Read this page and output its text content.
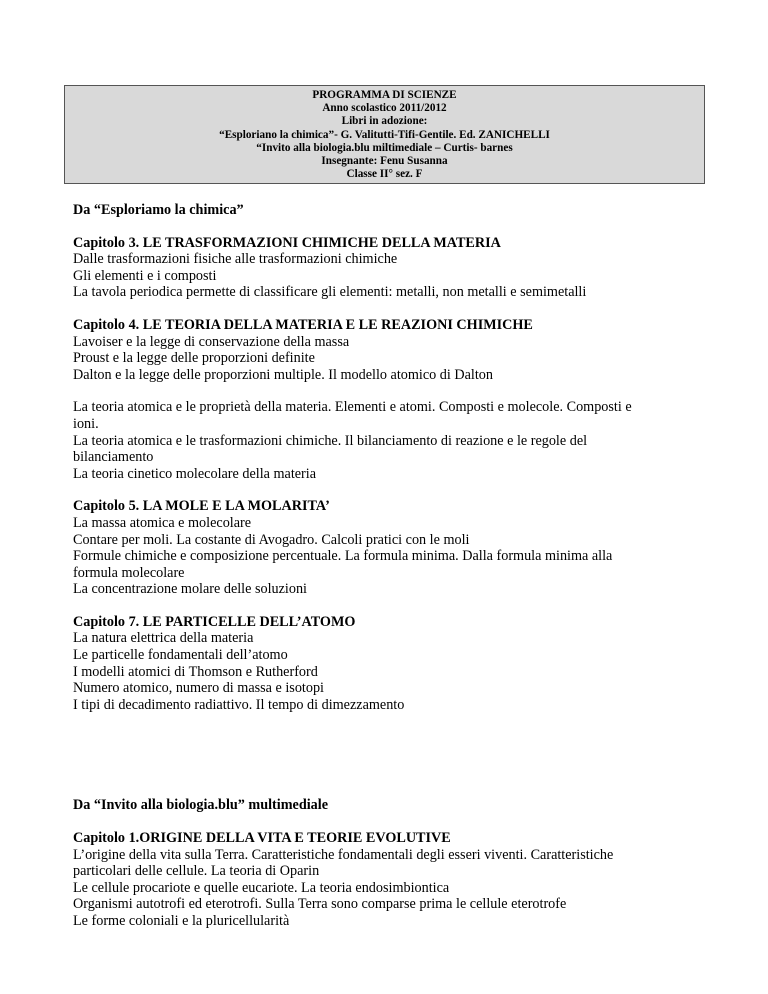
PROGRAMMA DI SCIENZE
Anno scolastico 2011/2012
Libri in adozione:
“Esploriano la chimica”- G. Valitutti-Tifi-Gentile. Ed. ZANICHELLI
“Invito alla biologia.blu miltimediale – Curtis- barnes
Insegnante: Fenu Susanna
Classe II° sez. F

Da “Esploriamo la chimica”

Capitolo 3. LE TRASFORMAZIONI CHIMICHE DELLA MATERIA

Dalle trasformazioni fisiche alle trasformazioni chimiche

Gli elementi e i composti

La tavola periodica permette di classificare gli elementi: metalli, non metalli e semimetalli

Capitolo 4. LE TEORIA DELLA MATERIA E LE REAZIONI CHIMICHE

Lavoiser e la legge di conservazione della massa

Proust e la legge delle proporzioni definite

Dalton e la legge delle proporzioni multiple. Il modello atomico di Dalton

La teoria atomica e le proprietà della materia. Elementi e atomi. Composti e molecole. Composti e

ioni.

La teoria atomica e le trasformazioni chimiche. Il bilanciamento di reazione e le regole del

bilanciamento

La teoria cinetico molecolare della materia

Capitolo 5. LA MOLE E LA MOLARITA’

La massa atomica e molecolare

Contare per moli. La costante di Avogadro. Calcoli pratici con le moli

Formule chimiche e composizione percentuale. La formula minima. Dalla formula minima alla

formula molecolare

La concentrazione molare delle soluzioni

Capitolo 7. LE PARTICELLE DELL’ATOMO

La natura elettrica della materia

Le particelle fondamentali dell’atomo

I modelli atomici di Thomson e Rutherford

Numero atomico, numero di massa e isotopi

I tipi di decadimento radiattivo. Il tempo di dimezzamento

Da “Invito alla biologia.blu” multimediale

Capitolo 1.ORIGINE DELLA VITA E TEORIE EVOLUTIVE

L’origine della vita sulla Terra. Caratteristiche fondamentali degli esseri viventi. Caratteristiche

particolari delle cellule. La teoria di Oparin

Le cellule procariote e quelle eucariote. La teoria endosimbiontica

Organismi autotrofi ed eterotrofi. Sulla Terra sono comparse prima le cellule eterotrofe

Le forme coloniali e la pluricellularità
